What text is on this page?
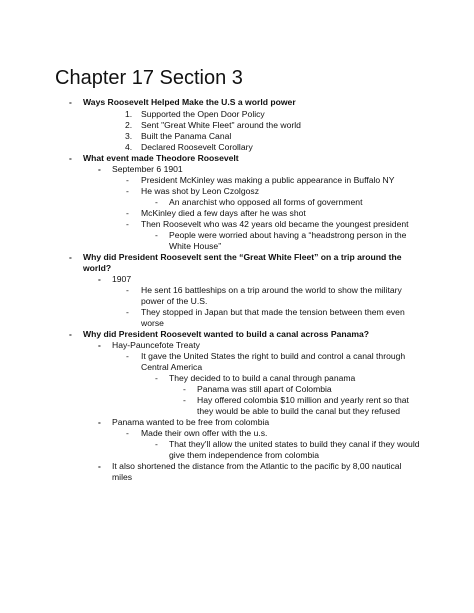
Chapter 17 Section 3
- Ways Roosevelt Helped Make the U.S a world power
1. Supported the Open Door Policy
2. Sent "Great White Fleet" around the world
3. Built the Panama Canal
4. Declared Roosevelt Corollary
- What event made Theodore Roosevelt
- September 6 1901
- President McKinley was making a public appearance in Buffalo NY
- He was shot by Leon Czolgosz
- An anarchist who opposed all forms of government
- McKinley died a few days after he was shot
- Then Roosevelt who was 42 years old became the youngest president
- People were worried about having a “headstrong person in the
White House”
- Why did President Roosevelt sent the “Great White Fleet” on a trip around the
world?
- 1907
- He sent 16 battleships on a trip around the world to show the military
power of the U.S.
- They stopped in Japan but that made the tension between them even
worse
- Why did President Roosevelt wanted to build a canal across Panama?
- Hay-Pauncefote Treaty
- It gave the United States the right to build and control a canal through
Central America
- They decided to to build a canal through panama
- Panama was still apart of Colombia
- Hay offered colombia $10 million and yearly rent so that
they would be able to build the canal but they refused
- Panama wanted to be free from colombia
- Made their own offer with the u.s.
- That they'll allow the united states to build they canal if they would
give them independence from colombia
- It also shortened the distance from the Atlantic to the pacific by 8,00 nautical
miles
